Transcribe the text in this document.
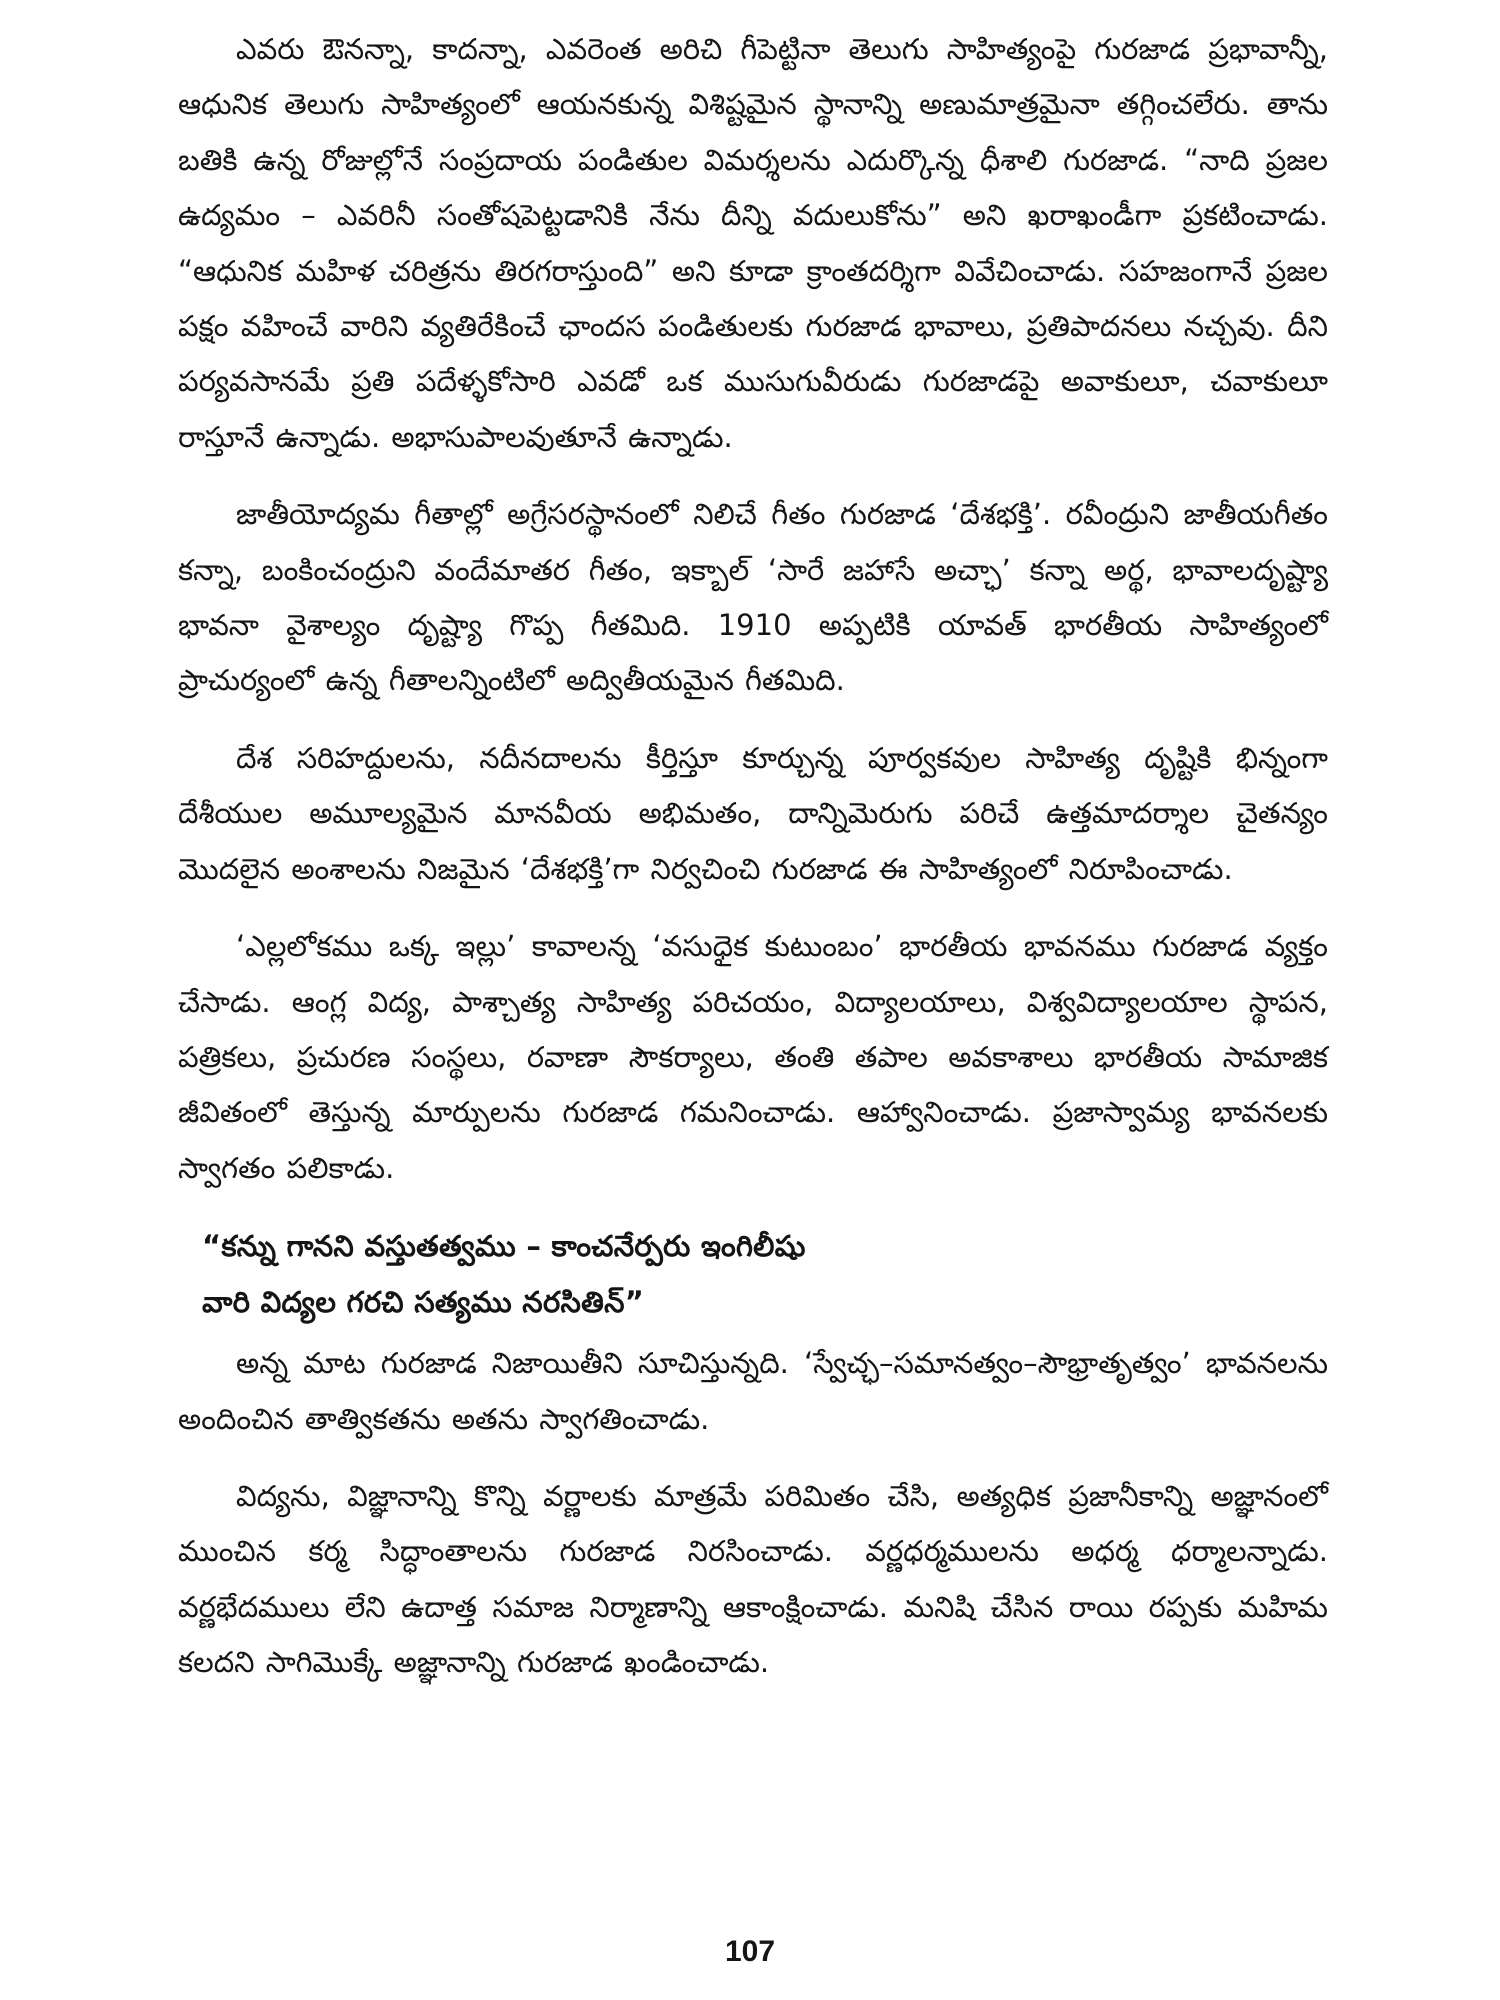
ఎవరు ఔనన్నా, కాదన్నా, ఎవరెంత అరిచి గీపెట్టినా తెలుగు సాహిత్యంపై గురజాడ ప్రభావాన్నీ, ఆధునిక తెలుగు సాహిత్యంలో ఆయనకున్న విశిష్టమైన స్థానాన్ని అణుమాత్రమైనా తగ్గించలేరు. తాను బతికి ఉన్న రోజుల్లోనే సంప్రదాయ పండితుల విమర్శలను ఎదుర్కొన్న ధీశాలి గురజాడ. “నాది ప్రజల ఉద్యమం – ఎవరినీ సంతోషపెట్టడానికి నేను దీన్ని వదులుకోను” అని ఖరాఖండీగా ప్రకటించాడు. “ఆధునిక మహిళ చరిత్రను తిరగరాస్తుంది” అని కూడా క్రాంతదర్శిగా వివేచించాడు. సహజంగానే ప్రజల పక్షం వహించే వారిని వ్యతిరేకించే ఛాందస పండితులకు గురజాడ భావాలు, ప్రతిపాదనలు నచ్చవు. దీని పర్యవసానమే ప్రతి పదేళ్ళకోసారి ఎవడో ఒక ముసుగువీరుడు గురజాడపై అవాకులూ, చవాకులూ రాస్తూనే ఉన్నాడు. అభాసుపాలవుతూనే ఉన్నాడు.

జాతీయోద్యమ గీతాల్లో అగ్రేసరస్థానంలో నిలిచే గీతం గురజాడ ‘దేశభక్తి’. రవీంద్రుని జాతీయగీతం కన్నా, బంకించంద్రుని వందేమాతర గీతం, ఇక్బాల్ ‘సారే జహాసే అచ్ఛా’ కన్నా అర్థ, భావాలదృష్ట్యా భావనా వైశాల్యం దృష్ట్యా గొప్ప గీతమిది. 1910 అప్పటికి యావత్ భారతీయ సాహిత్యంలో ప్రాచుర్యంలో ఉన్న గీతాలన్నింటిలో అద్వితీయమైన గీతమిది.

దేశ సరిహద్దులను, నదీనదాలను కీర్తిస్తూ కూర్చున్న పూర్వకవుల సాహిత్య దృష్టికి భిన్నంగా దేశీయుల అమూల్యమైన మానవీయ అభిమతం, దాన్నిమెరుగు పరిచే ఉత్తమాదర్శాల చైతన్యం మొదలైన అంశాలను నిజమైన ‘దేశభక్తి’గా నిర్వచించి గురజాడ ఈ సాహిత్యంలో నిరూపించాడు.

‘ఎల్లలోకము ఒక్క ఇల్లు’ కావాలన్న ‘వసుధైక కుటుంబం’ భారతీయ భావనము గురజాడ వ్యక్తం చేసాడు. ఆంగ్ల విద్య, పాశ్చాత్య సాహిత్య పరిచయం, విద్యాలయాలు, విశ్వవిద్యాలయాల స్థాపన, పత్రికలు, ప్రచురణ సంస్థలు, రవాణా సౌకర్యాలు, తంతి తపాల అవకాశాలు భారతీయ సామాజిక జీవితంలో తెస్తున్న మార్పులను గురజాడ గమనించాడు. ఆహ్వానించాడు. ప్రజాస్వామ్య భావనలకు స్వాగతం పలికాడు.

“కన్ను గానని వస్తుతత్వము – కాంచనేర్పరు ఇంగిలీషు
వారి విద్యల గరచి సత్యము నరసితిన్”

అన్న మాట గురజాడ నిజాయితీని సూచిస్తున్నది. ‘స్వేచ్ఛ–సమానత్వం–సౌభ్రాతృత్వం’ భావనలను అందించిన తాత్వికతను అతను స్వాగతించాడు.

విద్యను, విజ్ఞానాన్ని కొన్ని వర్ణాలకు మాత్రమే పరిమితం చేసి, అత్యధిక ప్రజానీకాన్ని అజ్ఞానంలో ముంచిన కర్మ సిద్ధాంతాలను గురజాడ నిరసించాడు. వర్ణధర్మములను అధర్మ ధర్మాలన్నాడు. వర్ణభేదములు లేని ఉదాత్త సమాజ నిర్మాణాన్ని ఆకాంక్షించాడు. మనిషి చేసిన రాయి రప్పకు మహిమ కలదని సాగిమొక్కే అజ్ఞానాన్ని గురజాడ ఖండించాడు.

107
